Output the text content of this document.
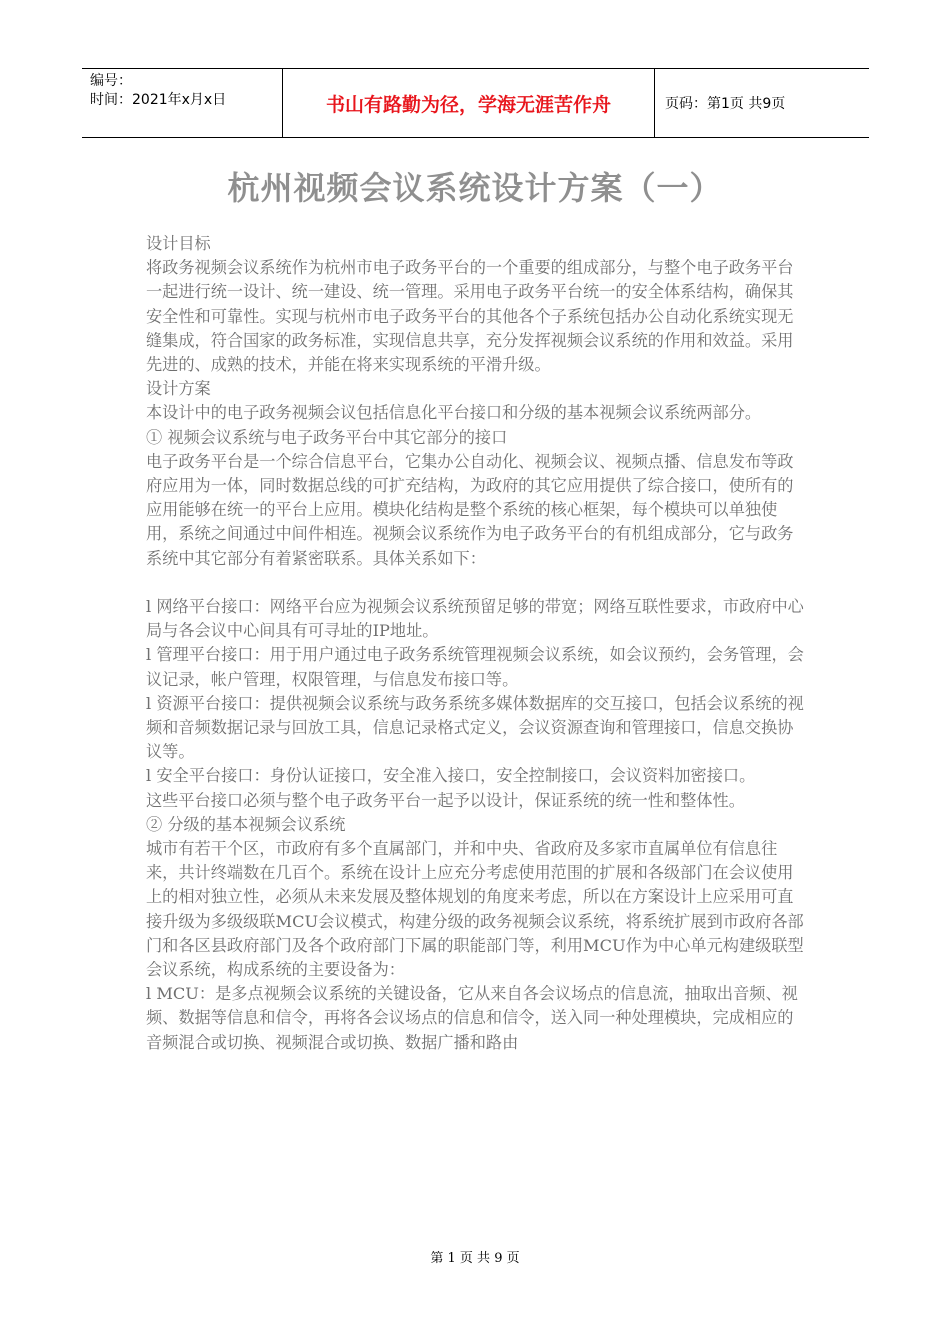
编号：
时间：2021年x月x日	书山有路勤为径，学海无涯苦作舟	页码：第1页 共9页
杭州视频会议系统设计方案（一）

设计目标

将政务视频会议系统作为杭州市电子政务平台的一个重要的组成部分，与整个电子政务平台一起进行统一设计、统一建设、统一管理。采用电子政务平台统一的安全体系结构，确保其安全性和可靠性。实现与杭州市电子政务平台的其他各个子系统包括办公自动化系统实现无缝集成，符合国家的政务标准，实现信息共享，充分发挥视频会议系统的作用和效益。采用先进的、成熟的技术，并能在将来实现系统的平滑升级。

设计方案

本设计中的电子政务视频会议包括信息化平台接口和分级的基本视频会议系统两部分。

① 视频会议系统与电子政务平台中其它部分的接口

电子政务平台是一个综合信息平台，它集办公自动化、视频会议、视频点播、信息发布等政府应用为一体，同时数据总线的可扩充结构，为政府的其它应用提供了综合接口，使所有的应用能够在统一的平台上应用。模块化结构是整个系统的核心框架，每个模块可以单独使用，系统之间通过中间件相连。视频会议系统作为电子政务平台的有机组成部分，它与政务系统中其它部分有着紧密联系。具体关系如下：

l 网络平台接口：网络平台应为视频会议系统预留足够的带宽；网络互联性要求，市政府中心局与各会议中心间具有可寻址的IP地址。

l 管理平台接口：用于用户通过电子政务系统管理视频会议系统，如会议预约，会务管理，会议记录，帐户管理，权限管理，与信息发布接口等。

l 资源平台接口：提供视频会议系统与政务系统多媒体数据库的交互接口，包括会议系统的视频和音频数据记录与回放工具，信息记录格式定义，会议资源查询和管理接口，信息交换协议等。

l 安全平台接口：身份认证接口，安全准入接口，安全控制接口，会议资料加密接口。

这些平台接口必须与整个电子政务平台一起予以设计，保证系统的统一性和整体性。

② 分级的基本视频会议系统

城市有若干个区，市政府有多个直属部门，并和中央、省政府及多家市直属单位有信息往来，共计终端数在几百个。系统在设计上应充分考虑使用范围的扩展和各级部门在会议使用上的相对独立性，必须从未来发展及整体规划的角度来考虑，所以在方案设计上应采用可直接升级为多级级联MCU会议模式，构建分级的政务视频会议系统，将系统扩展到市政府各部门和各区县政府部门及各个政府部门下属的职能部门等，利用MCU作为中心单元构建级联型会议系统，构成系统的主要设备为：

l MCU：是多点视频会议系统的关键设备，它从来自各会议场点的信息流，抽取出音频、视频、数据等信息和信令，再将各会议场点的信息和信令，送入同一种处理模块，完成相应的音频混合或切换、视频混合或切换、数据广播和路由

第 1 页 共 9 页
